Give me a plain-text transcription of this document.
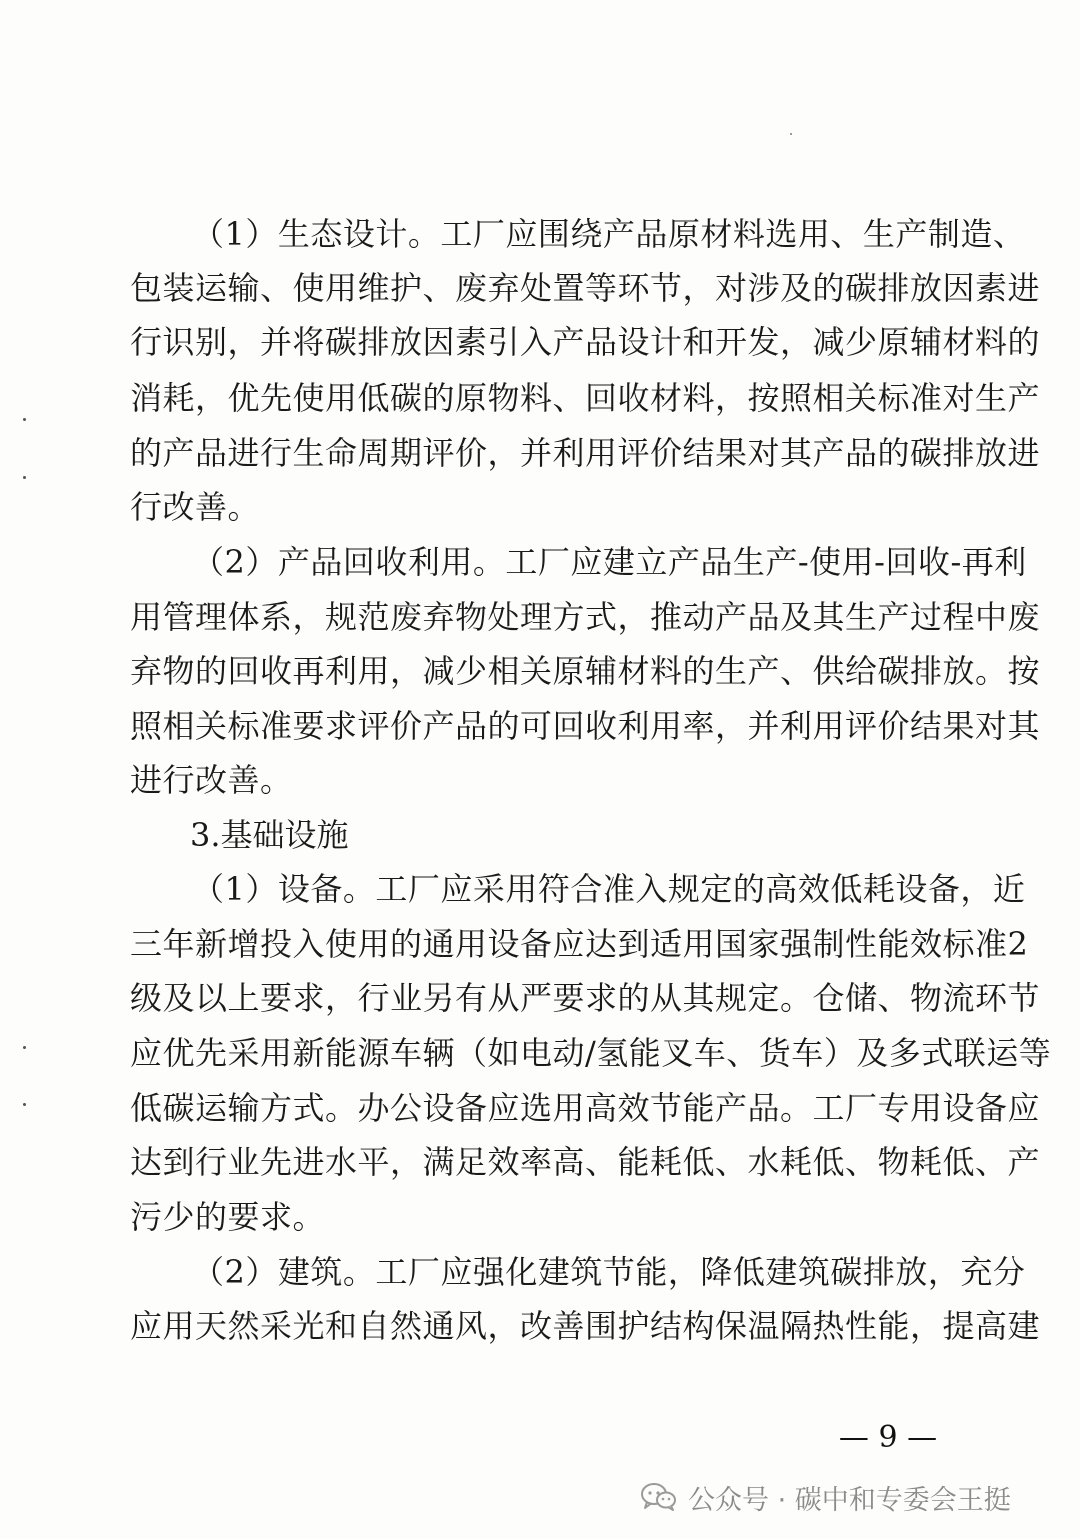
（1）生态设计。工厂应围绕产品原材料选用、生产制造、
包装运输、使用维护、废弃处置等环节，对涉及的碳排放因素进
行识别，并将碳排放因素引入产品设计和开发，减少原辅材料的
消耗，优先使用低碳的原物料、回收材料，按照相关标准对生产
的产品进行生命周期评价，并利用评价结果对其产品的碳排放进
行改善。
（2）产品回收利用。工厂应建立产品生产-使用-回收-再利
用管理体系，规范废弃物处理方式，推动产品及其生产过程中废
弃物的回收再利用，减少相关原辅材料的生产、供给碳排放。按
照相关标准要求评价产品的可回收利用率，并利用评价结果对其
进行改善。
3.基础设施
（1）设备。工厂应采用符合准入规定的高效低耗设备，近
三年新增投入使用的通用设备应达到适用国家强制性能效标准2
级及以上要求，行业另有从严要求的从其规定。仓储、物流环节
应优先采用新能源车辆（如电动/氢能叉车、货车）及多式联运等
低碳运输方式。办公设备应选用高效节能产品。工厂专用设备应
达到行业先进水平，满足效率高、能耗低、水耗低、物耗低、产
污少的要求。
（2）建筑。工厂应强化建筑节能，降低建筑碳排放，充分
应用天然采光和自然通风，改善围护结构保温隔热性能，提高建
— 9 —
公众号 · 碳中和专委会王挺
